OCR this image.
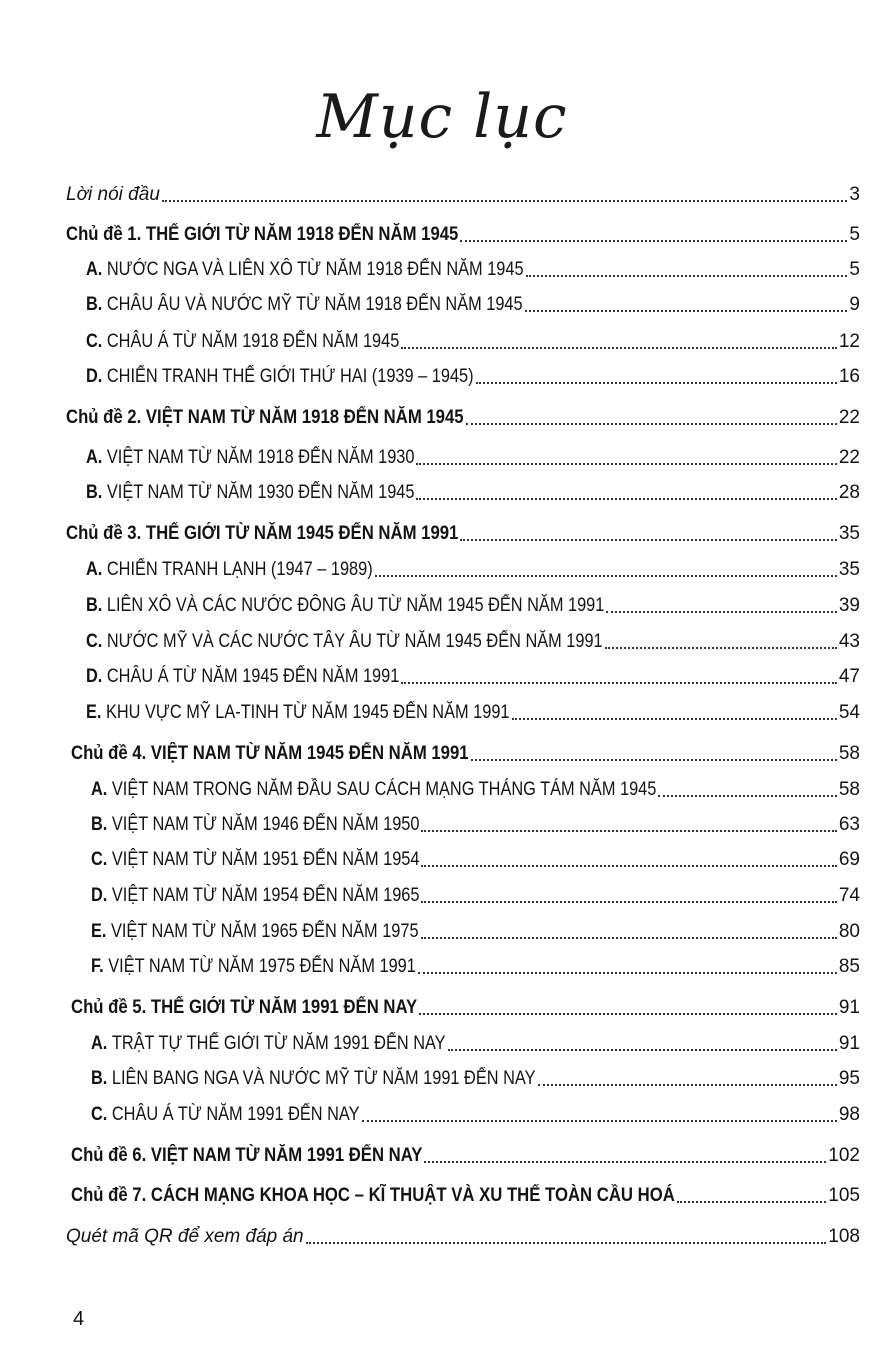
Mục lục
Lời nói đầu	3
Chủ đề 1. THẾ GIỚI TỪ NĂM 1918 ĐẾN NĂM 1945	5
A. NƯỚC NGA VÀ LIÊN XÔ TỪ NĂM 1918 ĐẾN NĂM 1945	5
B. CHÂU ÂU VÀ NƯỚC MỸ TỪ NĂM 1918 ĐẾN NĂM 1945	9
C. CHÂU Á TỪ NĂM 1918 ĐẾN NĂM 1945	12
D. CHIẾN TRANH THẾ GIỚI THỨ HAI (1939 – 1945)	16
Chủ đề 2. VIỆT NAM TỪ NĂM 1918 ĐẾN NĂM 1945	22
A. VIỆT NAM TỪ NĂM 1918 ĐẾN NĂM 1930	22
B. VIỆT NAM TỪ NĂM 1930 ĐẾN NĂM 1945	28
Chủ đề 3. THẾ GIỚI TỪ NĂM 1945 ĐẾN NĂM 1991	35
A. CHIẾN TRANH LẠNH (1947 – 1989)	35
B. LIÊN XÔ VÀ CÁC NƯỚC ĐÔNG ÂU TỪ NĂM 1945 ĐẾN NĂM 1991	39
C. NƯỚC MỸ VÀ CÁC NƯỚC TÂY ÂU TỪ NĂM 1945 ĐẾN NĂM 1991	43
D. CHÂU Á TỪ NĂM 1945 ĐẾN NĂM 1991	47
E. KHU VỰC MỸ LA-TINH TỪ NĂM 1945 ĐẾN NĂM 1991	54
Chủ đề 4. VIỆT NAM TỪ NĂM 1945 ĐẾN NĂM 1991	58
A. VIỆT NAM TRONG NĂM ĐẦU SAU CÁCH MẠNG THÁNG TÁM NĂM 1945	58
B. VIỆT NAM TỪ NĂM 1946 ĐẾN NĂM 1950	63
C. VIỆT NAM TỪ NĂM 1951 ĐẾN NĂM 1954	69
D. VIỆT NAM TỪ NĂM 1954 ĐẾN NĂM 1965	74
E. VIỆT NAM TỪ NĂM 1965 ĐẾN NĂM 1975	80
F. VIỆT NAM TỪ NĂM 1975 ĐẾN NĂM 1991	85
Chủ đề 5. THẾ GIỚI TỪ NĂM 1991 ĐẾN NAY	91
A. TRẬT TỰ THẾ GIỚI TỪ NĂM 1991 ĐẾN NAY	91
B. LIÊN BANG NGA VÀ NƯỚC MỸ TỪ NĂM 1991 ĐẾN NAY	95
C. CHÂU Á TỪ NĂM 1991 ĐẾN NAY	98
Chủ đề 6. VIỆT NAM TỪ NĂM 1991 ĐẾN NAY	102
Chủ đề 7. CÁCH MẠNG KHOA HỌC – KĨ THUẬT VÀ XU THẾ TOÀN CẦU HOÁ	105
Quét mã QR để xem đáp án	108
4
